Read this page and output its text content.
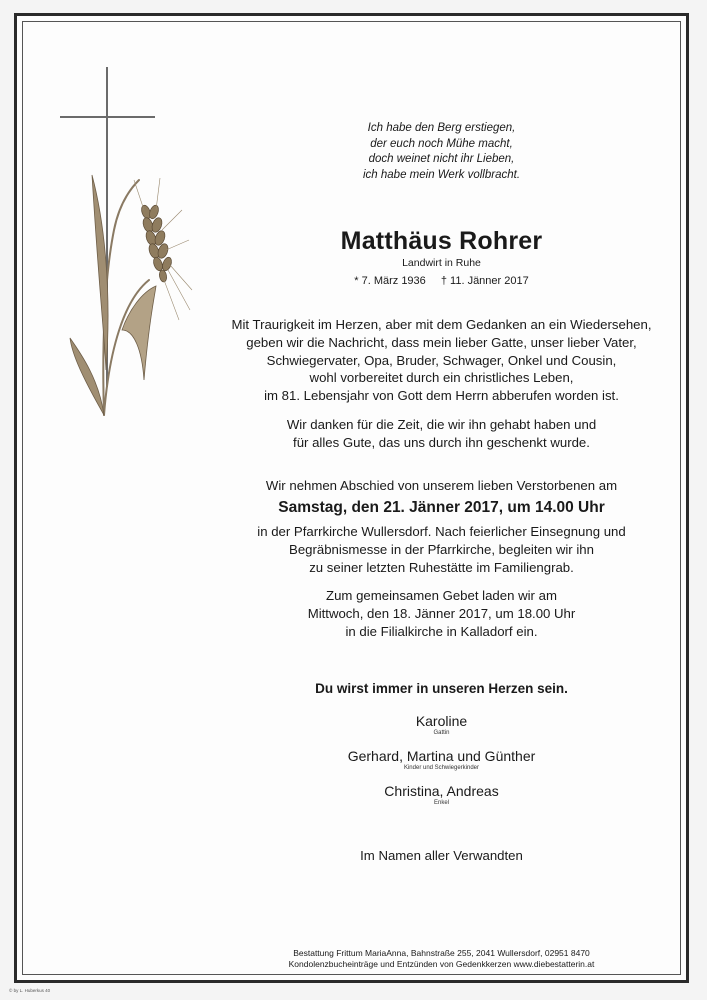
Ich habe den Berg erstiegen,
der euch noch Mühe macht,
doch weinet nicht ihr Lieben,
ich habe mein Werk vollbracht.
Matthäus Rohrer
Landwirt in Ruhe
* 7. März 1936 † 11. Jänner 2017
Mit Traurigkeit im Herzen, aber mit dem Gedanken an ein Wiedersehen,
geben wir die Nachricht, dass mein lieber Gatte, unser lieber Vater,
Schwiegervater, Opa, Bruder, Schwager, Onkel und Cousin,
wohl vorbereitet durch ein christliches Leben,
im 81. Lebensjahr von Gott dem Herrn abberufen worden ist.
Wir danken für die Zeit, die wir ihn gehabt haben und
für alles Gute, das uns durch ihn geschenkt wurde.
Wir nehmen Abschied von unserem lieben Verstorbenen am
Samstag, den 21. Jänner 2017, um 14.00 Uhr
in der Pfarrkirche Wullersdorf. Nach feierlicher Einsegnung und
Begräbnismesse in der Pfarrkirche, begleiten wir ihn
zu seiner letzten Ruhestätte im Familiengrab.
Zum gemeinsamen Gebet laden wir am
Mittwoch, den 18. Jänner 2017, um 18.00 Uhr
in die Filialkirche in Kalladorf ein.
Du wirst immer in unseren Herzen sein.
Karoline
Gattin
Gerhard, Martina und Günther
Kinder und Schwiegerkinder
Christina, Andreas
Enkel
Im Namen aller Verwandten
Bestattung Frittum MariaAnna, Bahnstraße 255, 2041 Wullersdorf, 02951 8470
Kondolenzbucheinträge und Entzünden von Gedenkkerzen www.diebestatterin.at
© by L. Huberkus 40
